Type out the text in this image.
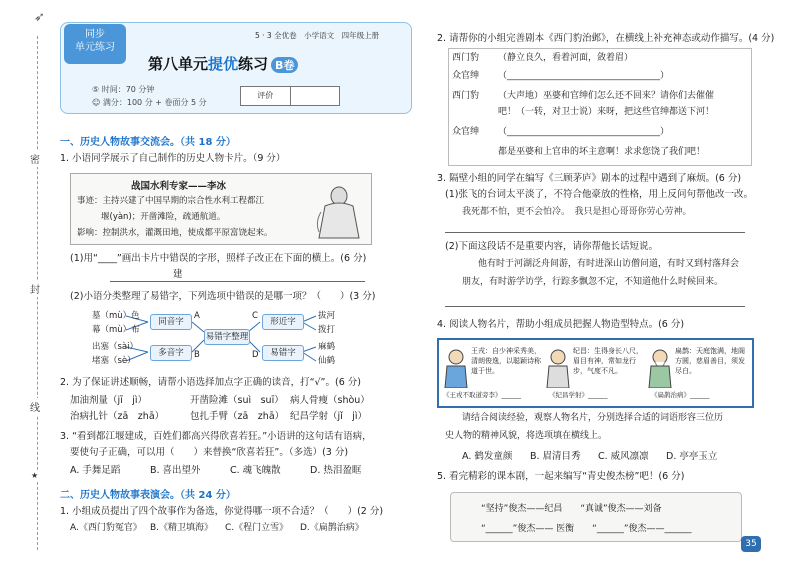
➶
密
封
线
★
同步
单元练习
5 · 3 全优卷　小学语文　四年级上册
第八单元提优练习 B卷
⑤ 时间：70 分钟
☺ 满分：100 分 + 卷面分 5 分
评价
一、历史人物故事交流会。（共 18 分）
1. 小语同学展示了自己制作的历史人物卡片。（9 分）
战国水利专家——李冰
事迹：主持兴建了中国早期的宗合性水利工程都江
堰(yàn)；开凿滩险，疏通航道。
影响：控制洪水，灌溉田地，使成都平原富饶起来。
(1)用“____”画出卡片中错误的字形，照样子改正在下面的横上。(6 分)
建
(2)小语分类整理了易错字，下列选项中错误的是哪一项？（　　）(3 分)
墓（mù）色
幕（mù）布
出塞（sài）
堵塞（sè）
同音字
A
易错字整理
多音字	B
C
形近字
D	易错字
拔河
拨打
麻鹤
仙鹤
2. 为了保证讲述顺畅，请帮小语选择加点字正确的读音，打“√”。(6 分)
加油剂量（jī　jì）	开凿险滩（suì　suī） 病人骨瘦（shòu）
治病扎针（zā　zhā）	包扎手臂（zā　zhā） 纪昌学射（jǐ　jì）
3. “看到都江堰建成，百姓们都高兴得欣喜若狂。”小语讲的这句话有语病，
要使句子正确，可以用（　　）来替换“欣喜若狂”。（多选）(3 分)
A. 手舞足蹈	B. 喜出望外	C. 魂飞魄散	D. 热泪盈眶
二、历史人物故事表演会。（共 24 分）
1. 小组成员提出了四个故事作为备选，你觉得哪一项不合适？（　　）(2 分)
A.《西门豹冤官》 B.《精卫填海》 C.《程门立雪》 D.《扁鹊治病》
2. 请帮你的小组完善剧本《西门豹治邺》，在横线上补充神态或动作描写。(4 分)
西门豹 （静立良久，看着河面，敛着眉）
众官绅 （__________________________________）
西门豹 （大声地）巫婆和官绅们怎么还不回来？请你们去催催
吧！（一转，对卫士说）来呀，把这些官绅都送下河！
众官绅 （__________________________________）
都是巫婆和上官串的坏主意啊！求求您饶了我们吧！
3. 隔壁小组的同学在编写《三顾茅庐》剧本的过程中遇到了麻烦。(6 分)
(1)张飞的台词太平淡了，不符合他豪放的性格，用上反问句帮他改一改。
我死都不怕，更不会怕冷。　我只是担心哥哥你劳心劳神。
(2)下面这段话不是重要内容，请你帮他长话短说。
他有时于河湖泛舟间游，有时进深山访僧问道，有时又到村落拜会
朋友，有时游学访学，行踪多飘忽不定，不知道他什么时候回来。
4. 阅读人物名片，帮助小组成员把握人物造型特点。(6 分)
王戎：自少神采秀美，清朗俊逸，以聪颖诗称道于世。
《王戎不取道旁李》______
纪昌：生得身长八尺，眉目有神，常如龙行步，气度不凡。
《纪昌学射》______
扁鹊：天庭饱满，地阁方圆，慈眉善目，须发尽白。
《扁鹊治病》______
请结合阅读经验，观察人物名片，分别选择合适的词语形容三位历
史人物的精神风貌，将选项填在横线上。
A. 鹤发童颜 B. 眉清目秀 C. 威风凛凛 D. 亭亭玉立
5. 看完精彩的课本剧，一起来编写“青史俊杰榜”吧！(6 分)
“坚持”俊杰——纪昌　　“真诚”俊杰——刘备
“______”俊杰—— 医衡　　“______”俊杰——______
35
